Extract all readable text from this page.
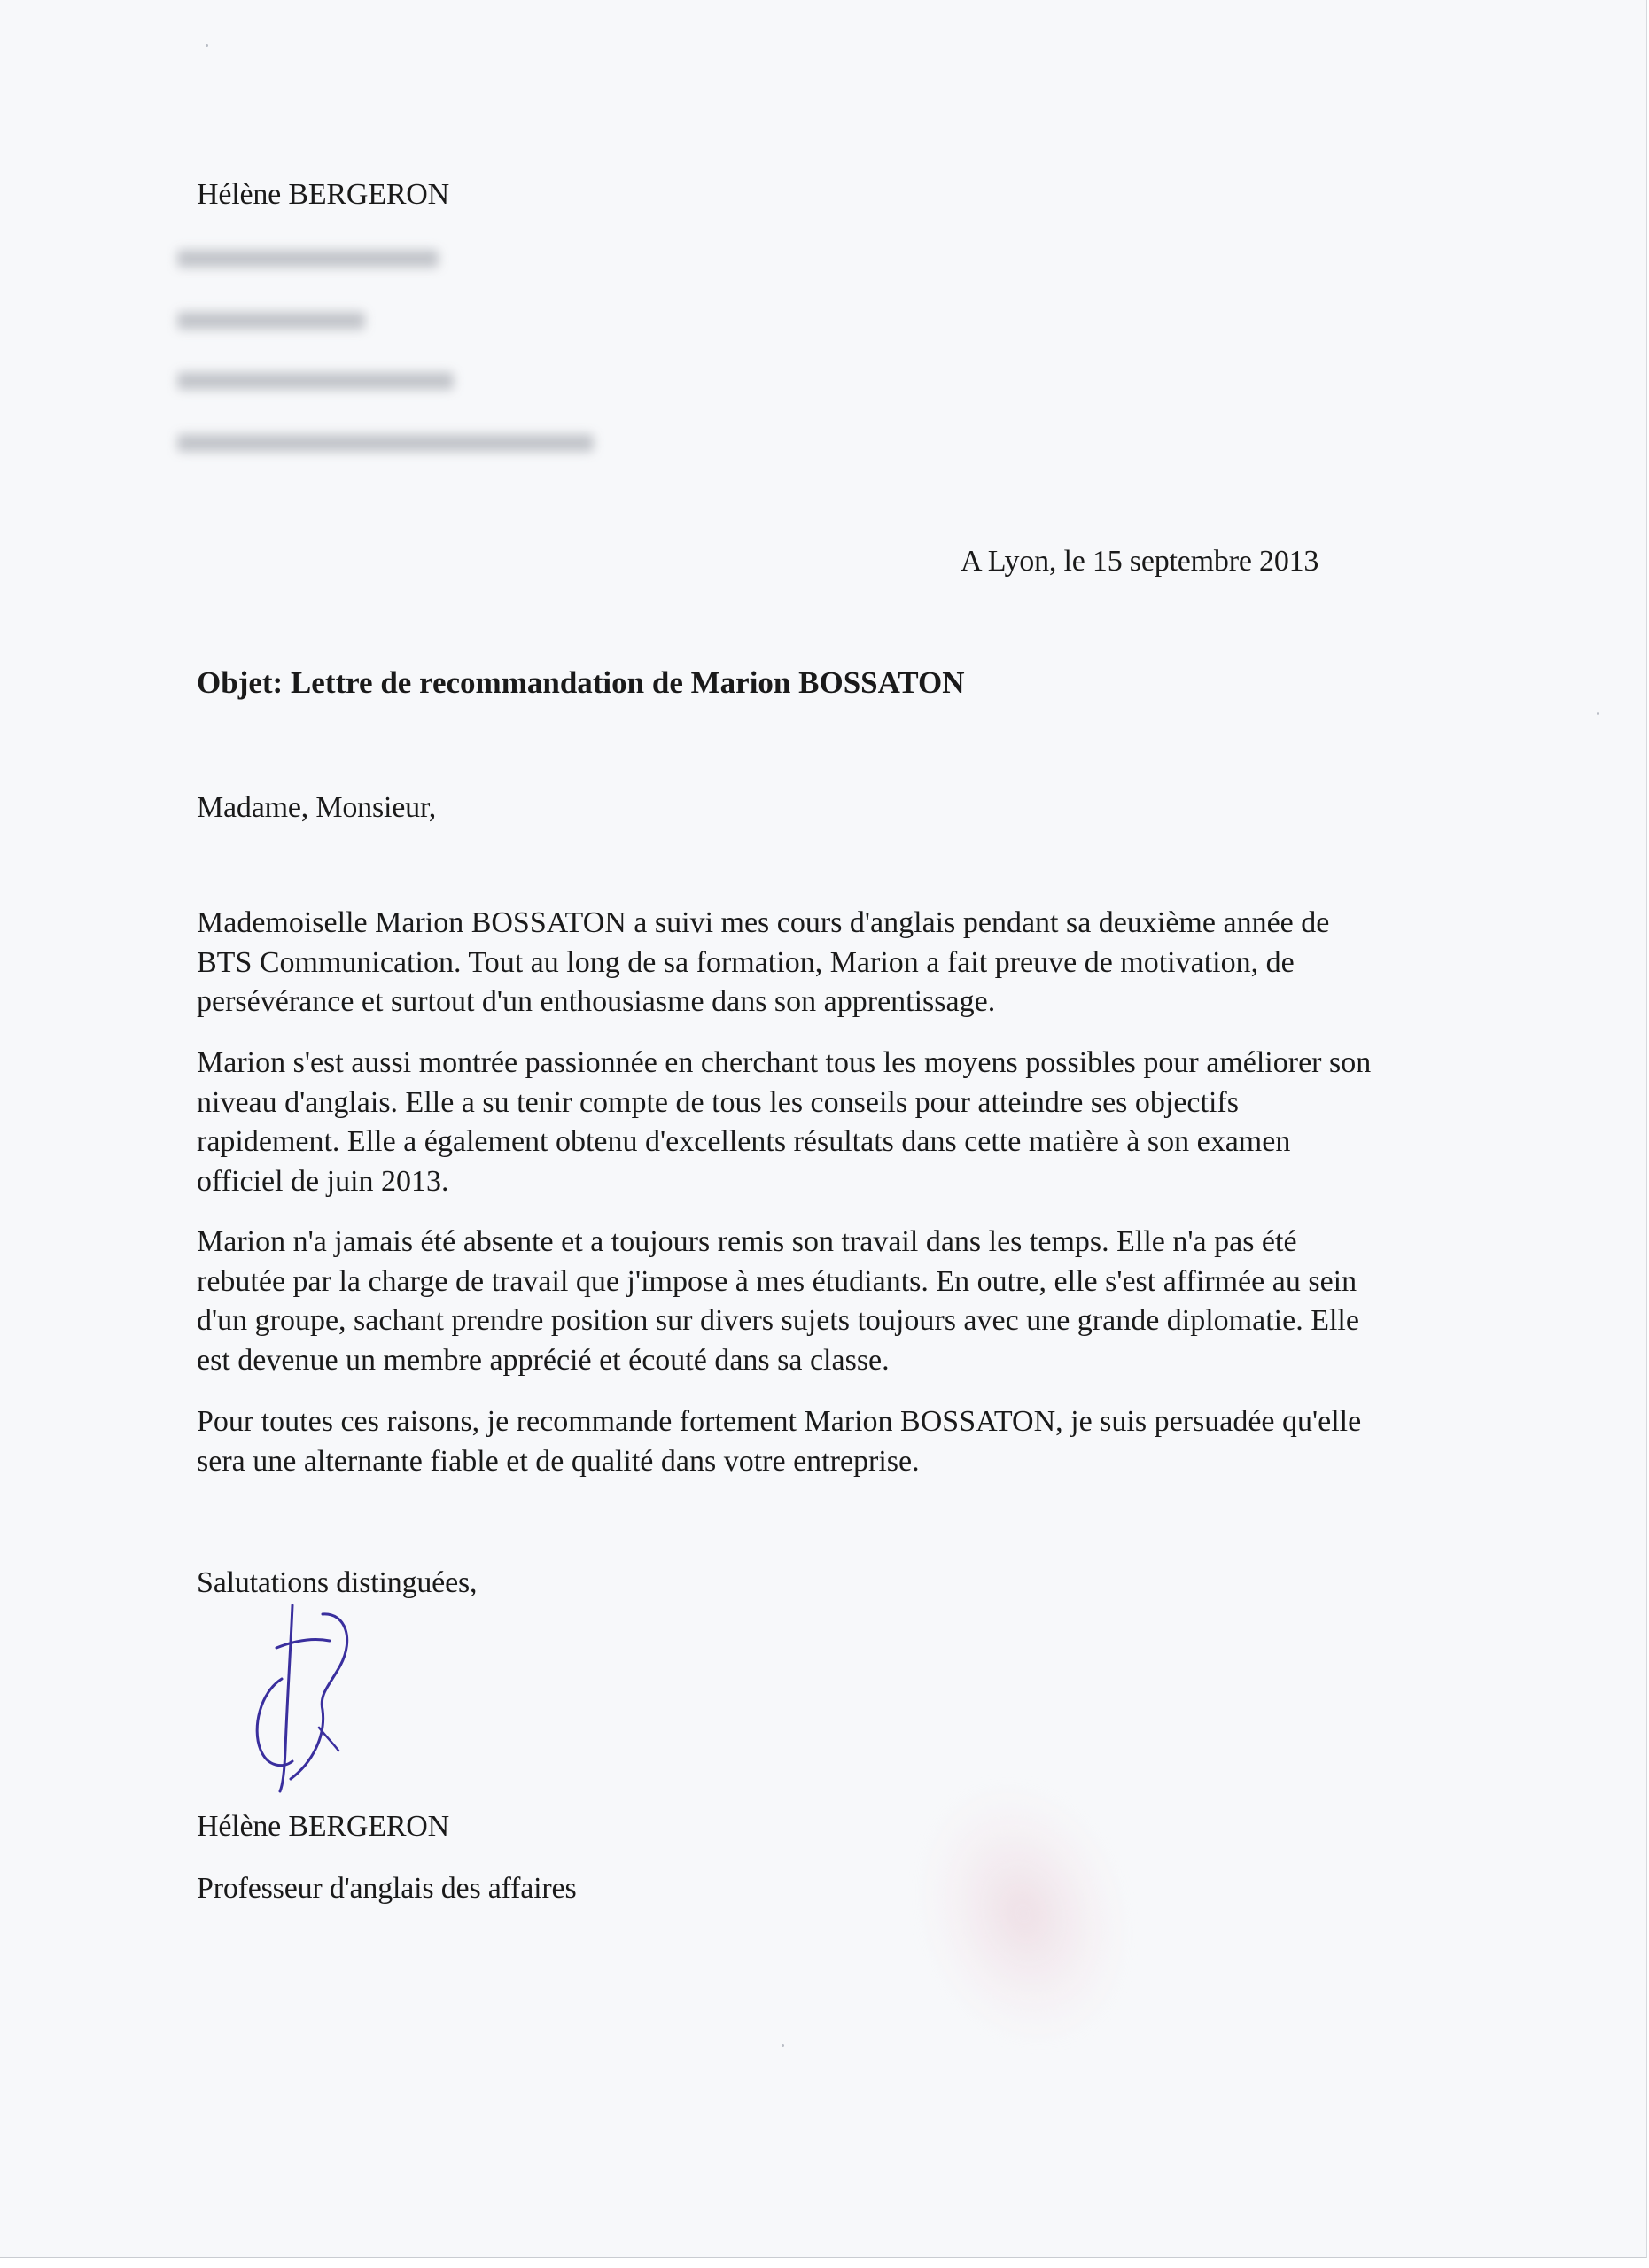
Hélène BERGERON
A Lyon, le 15 septembre 2013
Objet: Lettre de recommandation de Marion BOSSATON
Madame, Monsieur,
Mademoiselle Marion BOSSATON a suivi mes cours d'anglais pendant sa deuxième année de
BTS Communication. Tout au long de sa formation, Marion a fait preuve de motivation, de
persévérance et surtout d'un enthousiasme dans son apprentissage.
Marion s'est aussi montrée passionnée en cherchant tous les moyens possibles pour améliorer son
niveau d'anglais. Elle a su tenir compte de tous les conseils pour atteindre ses objectifs
rapidement. Elle a également obtenu d'excellents résultats dans cette matière à son examen
officiel de juin 2013.
Marion n'a jamais été absente et a toujours remis son travail dans les temps. Elle n'a pas été
rebutée par la charge de travail que j'impose à mes étudiants. En outre, elle s'est affirmée au sein
d'un groupe, sachant prendre position sur divers sujets toujours avec une grande diplomatie. Elle
est devenue un membre apprécié et écouté dans sa classe.
Pour toutes ces raisons, je recommande fortement Marion BOSSATON, je suis persuadée qu'elle
sera une alternante fiable et de qualité dans votre entreprise.
Salutations distinguées,
Hélène BERGERON
Professeur d'anglais des affaires
